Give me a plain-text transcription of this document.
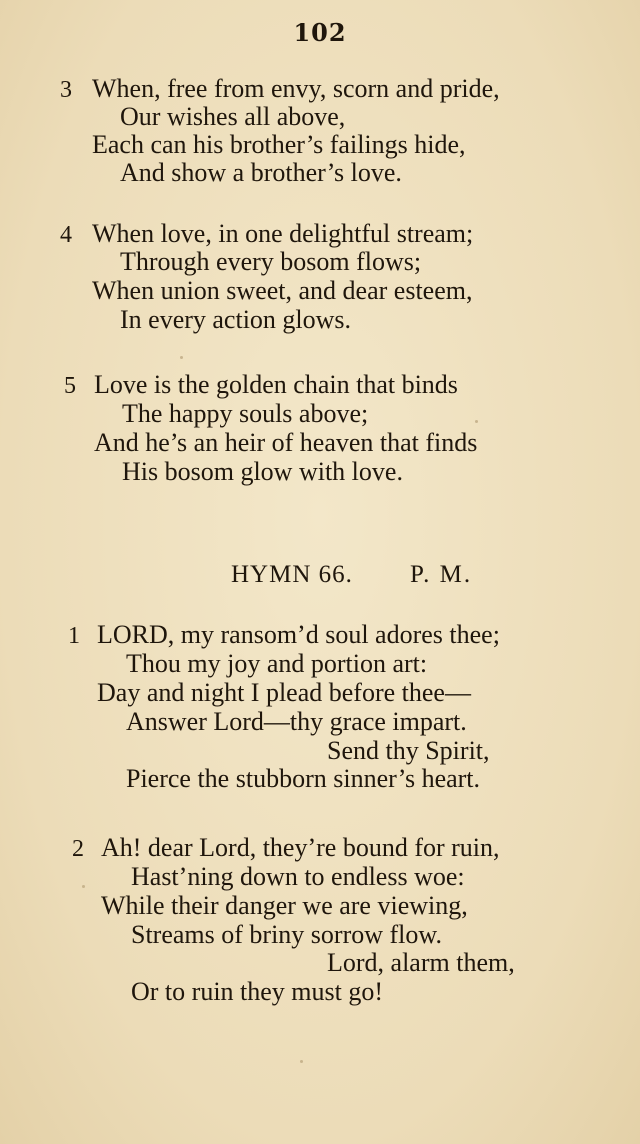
102
3 When, free from envy, scorn and pride,
Our wishes all above,
Each can his brother’s failings hide,
And show a brother’s love.
4 When love, in one delightful stream;
Through every bosom flows;
When union sweet, and dear esteem,
In every action glows.
5 Love is the golden chain that binds
The happy souls above;
And he’s an heir of heaven that finds
His bosom glow with love.
HYMN 66. P. M.
1 LORD, my ransom’d soul adores thee;
Thou my joy and portion art:
Day and night I plead before thee—
Answer Lord—thy grace impart.
Send thy Spirit,
Pierce the stubborn sinner’s heart.
2 Ah! dear Lord, they’re bound for ruin,
Hast’ning down to endless woe:
While their danger we are viewing,
Streams of briny sorrow flow.
Lord, alarm them,
Or to ruin they must go!
